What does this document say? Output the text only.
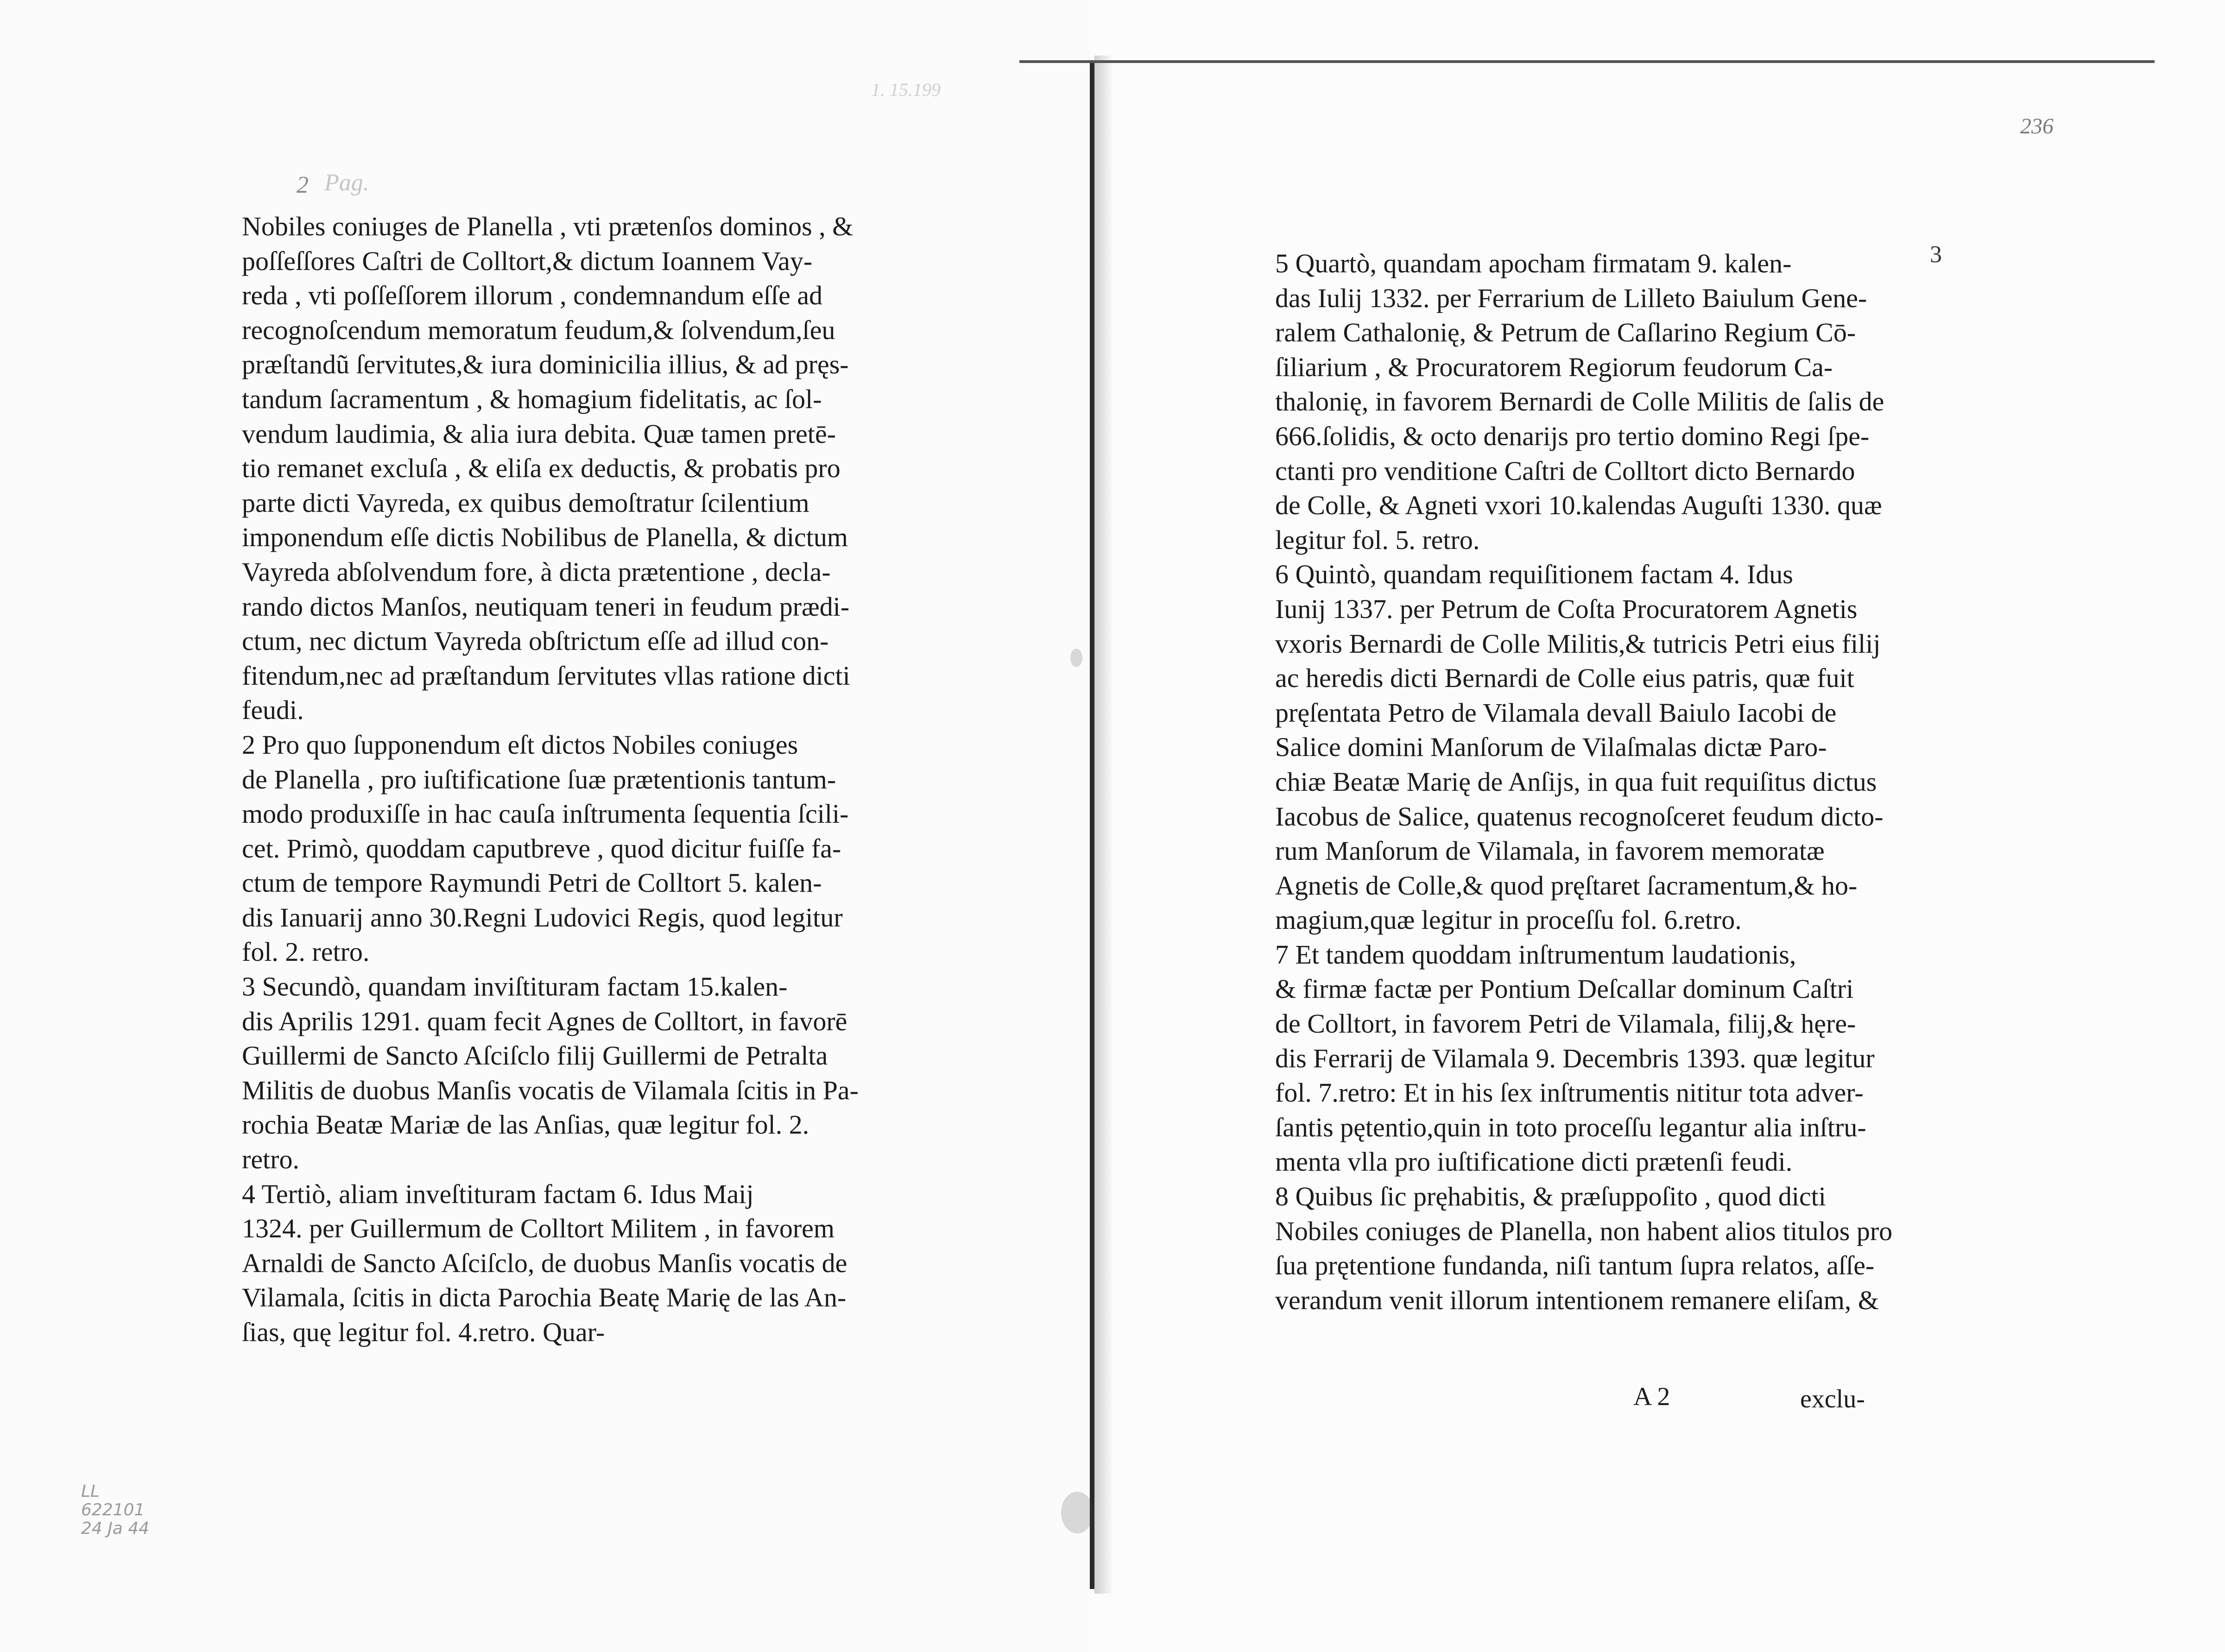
2 Pag.
1. 15.199
LL
622101
24 Ja 44
236
3
Nobiles coniuges de Planella , vti prætenſos dominos , &
poſſeſſores Caſtri de Colltort,& dictum Ioannem Vay-
reda , vti poſſeſſorem illorum , condemnandum eſſe ad
recognoſcendum memoratum feudum,& ſolvendum,ſeu
præſtandũ ſervitutes,& iura dominicilia illius, & ad pręs-
tandum ſacramentum , & homagium fidelitatis, ac ſol-
vendum laudimia, & alia iura debita. Quæ tamen pretē-
tio remanet excluſa , & eliſa ex deductis, & probatis pro
parte dicti Vayreda, ex quibus demoſtratur ſcilentium
imponendum eſſe dictis Nobilibus de Planella, & dictum
Vayreda abſolvendum fore, à dicta prætentione , decla-
rando dictos Manſos, neutiquam teneri in feudum prædi-
ctum, nec dictum Vayreda obſtrictum eſſe ad illud con-
fitendum,nec ad præſtandum ſervitutes vllas ratione dicti
feudi.
2 Pro quo ſupponendum eſt dictos Nobiles coniuges
de Planella , pro iuſtificatione ſuæ prætentionis tantum-
modo produxiſſe in hac cauſa inſtrumenta ſequentia ſcili-
cet. Primò, quoddam caputbreve , quod dicitur fuiſſe fa-
ctum de tempore Raymundi Petri de Colltort 5. kalen-
dis Ianuarij anno 30.Regni Ludovici Regis, quod legitur
fol. 2. retro.
3 Secundò, quandam inviſtituram factam 15.kalen-
dis Aprilis 1291. quam fecit Agnes de Colltort, in favorē
Guillermi de Sancto Aſciſclo filij Guillermi de Petralta
Militis de duobus Manſis vocatis de Vilamala ſcitis in Pa-
rochia Beatæ Mariæ de las Anſias, quæ legitur fol. 2.
retro.
4 Tertiò, aliam inveſtituram factam 6. Idus Maij
1324. per Guillermum de Colltort Militem , in favorem
Arnaldi de Sancto Aſciſclo, de duobus Manſis vocatis de
Vilamala, ſcitis in dicta Parochia Beatę Marię de las An-
ſias, quę legitur fol. 4.retro. Quar-
5 Quartò, quandam apocham firmatam 9. kalen-
das Iulij 1332. per Ferrarium de Lilleto Baiulum Gene-
ralem Cathalonię, & Petrum de Caſlarino Regium Cō-
ſiliarium , & Procuratorem Regiorum feudorum Ca-
thalonię, in favorem Bernardi de Colle Militis de ſalis de
666.ſolidis, & octo denarijs pro tertio domino Regi ſpe-
ctanti pro venditione Caſtri de Colltort dicto Bernardo
de Colle, & Agneti vxori 10.kalendas Auguſti 1330. quæ
legitur fol. 5. retro.
6 Quintò, quandam requiſitionem factam 4. Idus
Iunij 1337. per Petrum de Coſta Procuratorem Agnetis
vxoris Bernardi de Colle Militis,& tutricis Petri eius filij
ac heredis dicti Bernardi de Colle eius patris, quæ fuit
pręſentata Petro de Vilamala devall Baiulo Iacobi de
Salice domini Manſorum de Vilaſmalas dictæ Paro-
chiæ Beatæ Marię de Anſijs, in qua fuit requiſitus dictus
Iacobus de Salice, quatenus recognoſceret feudum dicto-
rum Manſorum de Vilamala, in favorem memoratæ
Agnetis de Colle,& quod pręſtaret ſacramentum,& ho-
magium,quæ legitur in proceſſu fol. 6.retro.
7 Et tandem quoddam inſtrumentum laudationis,
& firmæ factæ per Pontium Deſcallar dominum Caſtri
de Colltort, in favorem Petri de Vilamala, filij,& hęre-
dis Ferrarij de Vilamala 9. Decembris 1393. quæ legitur
fol. 7.retro: Et in his ſex inſtrumentis nititur tota adver-
ſantis pętentio,quin in toto proceſſu legantur alia inſtru-
menta vlla pro iuſtificatione dicti prætenſi feudi.
8 Quibus ſic pręhabitis, & præſuppoſito , quod dicti
Nobiles coniuges de Planella, non habent alios titulos pro
ſua prętentione fundanda, niſi tantum ſupra relatos, aſſe-
verandum venit illorum intentionem remanere eliſam, &
A 2	exclu-
